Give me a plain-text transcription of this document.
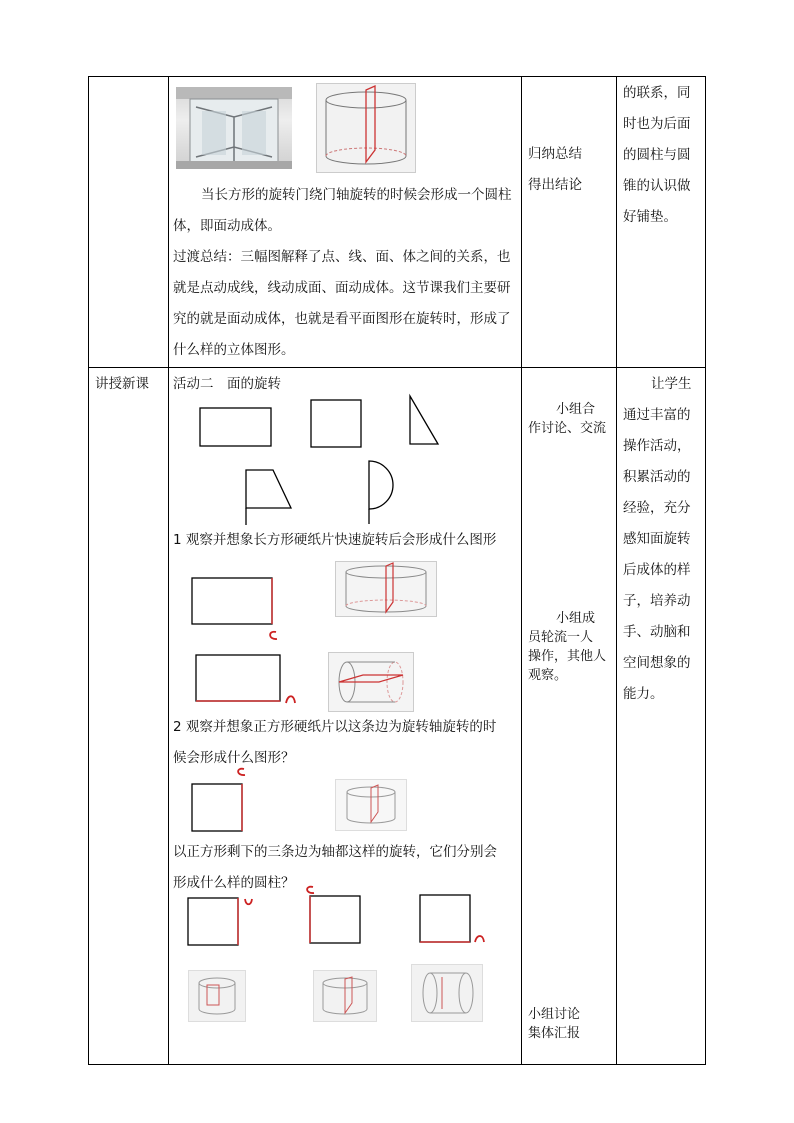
当长方形的旋转门绕门轴旋转的时候会形成一个圆柱体，即面动成体。
过渡总结：三幅图解释了点、线、面、体之间的关系，也就是点动成线，线动成面、面动成体。这节课我们主要研究的就是面动成体，也就是看平面图形在旋转时，形成了什么样的立体图形。
归纳总结
得出结论
的联系，同
时也为后面
的圆柱与圆
锥的认识做
好铺垫。
讲授新课 活动二　面的旋转
1 观察并想象长方形硬纸片快速旋转后会形成什么图形
2 观察并想象正方形硬纸片以这条边为旋转轴旋转的时
候会形成什么图形？
以正方形剩下的三条边为轴都这样的旋转，它们分别会
形成什么样的圆柱？
小组合
作讨论、交流
小组成
员轮流一人
操作，其他人
观察。
小组讨论
集体汇报
让学生
通过丰富的
操作活动，
积累活动的
经验，充分
感知面旋转
后成体的样
子，培养动
手、动脑和
空间想象的
能力。
